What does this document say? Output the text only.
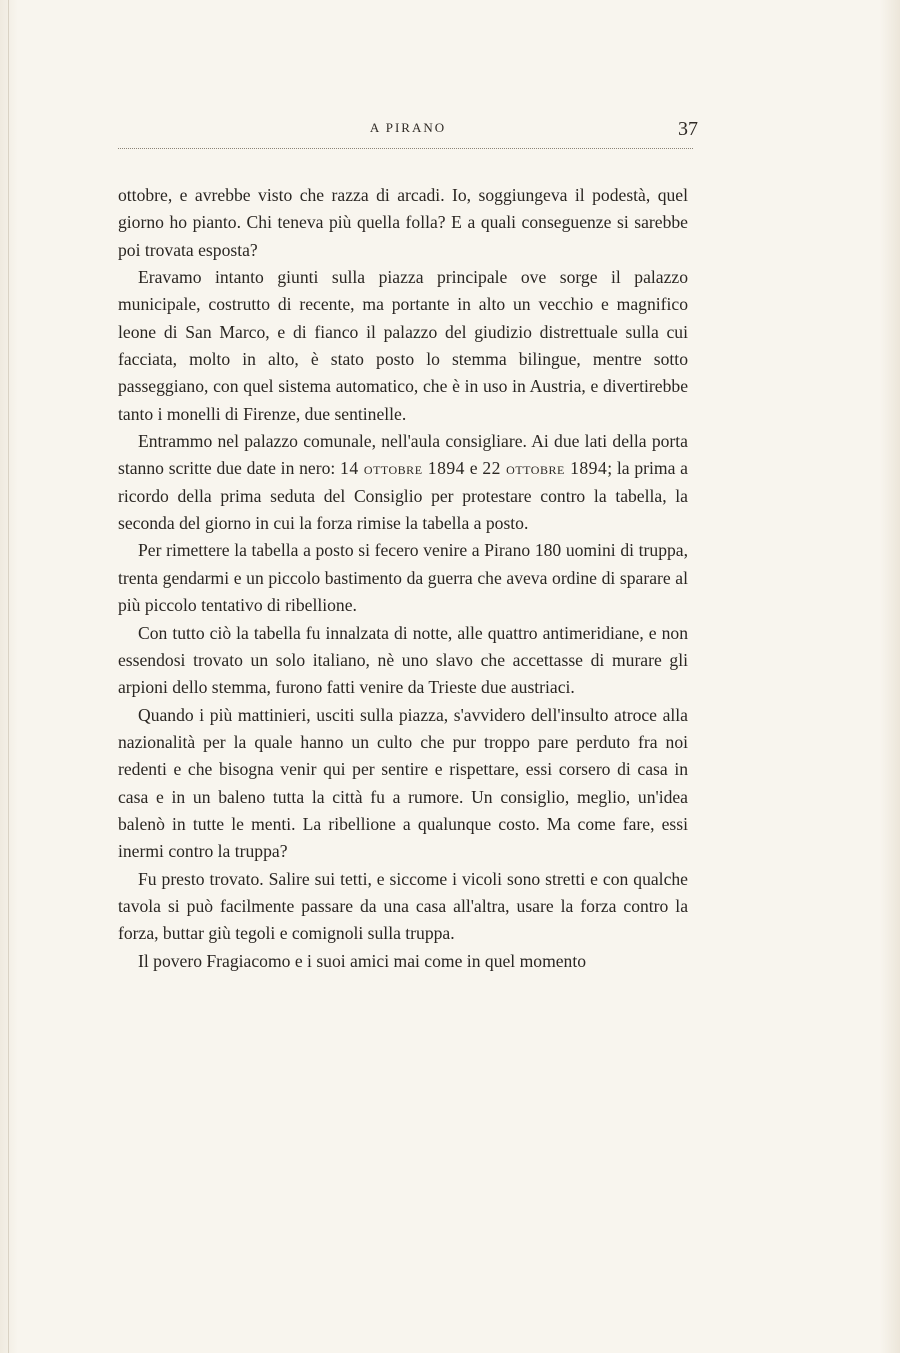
A PIRANO	37

ottobre, e avrebbe visto che razza di arcadi. Io, soggiungeva il podestà, quel giorno ho pianto. Chi teneva più quella folla? E a quali conseguenze si sarebbe poi trovata esposta?

Eravamo intanto giunti sulla piazza principale ove sorge il palazzo municipale, costrutto di recente, ma portante in alto un vecchio e magnifico leone di San Marco, e di fianco il palazzo del giudizio distrettuale sulla cui facciata, molto in alto, è stato posto lo stemma bilingue, mentre sotto passeggiano, con quel sistema automatico, che è in uso in Austria, e divertirebbe tanto i monelli di Firenze, due sentinelle.

Entrammo nel palazzo comunale, nell'aula consigliare. Ai due lati della porta stanno scritte due date in nero: 14 ottobre 1894 e 22 ottobre 1894; la prima a ricordo della prima seduta del Consiglio per protestare contro la tabella, la seconda del giorno in cui la forza rimise la tabella a posto.

Per rimettere la tabella a posto si fecero venire a Pirano 180 uomini di truppa, trenta gendarmi e un piccolo bastimento da guerra che aveva ordine di sparare al più piccolo tentativo di ribellione.

Con tutto ciò la tabella fu innalzata di notte, alle quattro antimeridiane, e non essendosi trovato un solo italiano, nè uno slavo che accettasse di murare gli arpioni dello stemma, furono fatti venire da Trieste due austriaci.

Quando i più mattinieri, usciti sulla piazza, s'avvidero dell'insulto atroce alla nazionalità per la quale hanno un culto che pur troppo pare perduto fra noi redenti e che bisogna venir qui per sentire e rispettare, essi corsero di casa in casa e in un baleno tutta la città fu a rumore. Un consiglio, meglio, un'idea balenò in tutte le menti. La ribellione a qualunque costo. Ma come fare, essi inermi contro la truppa?

Fu presto trovato. Salire sui tetti, e siccome i vicoli sono stretti e con qualche tavola si può facilmente passare da una casa all'altra, usare la forza contro la forza, buttar giù tegoli e comignoli sulla truppa.

Il povero Fragiacomo e i suoi amici mai come in quel momento
